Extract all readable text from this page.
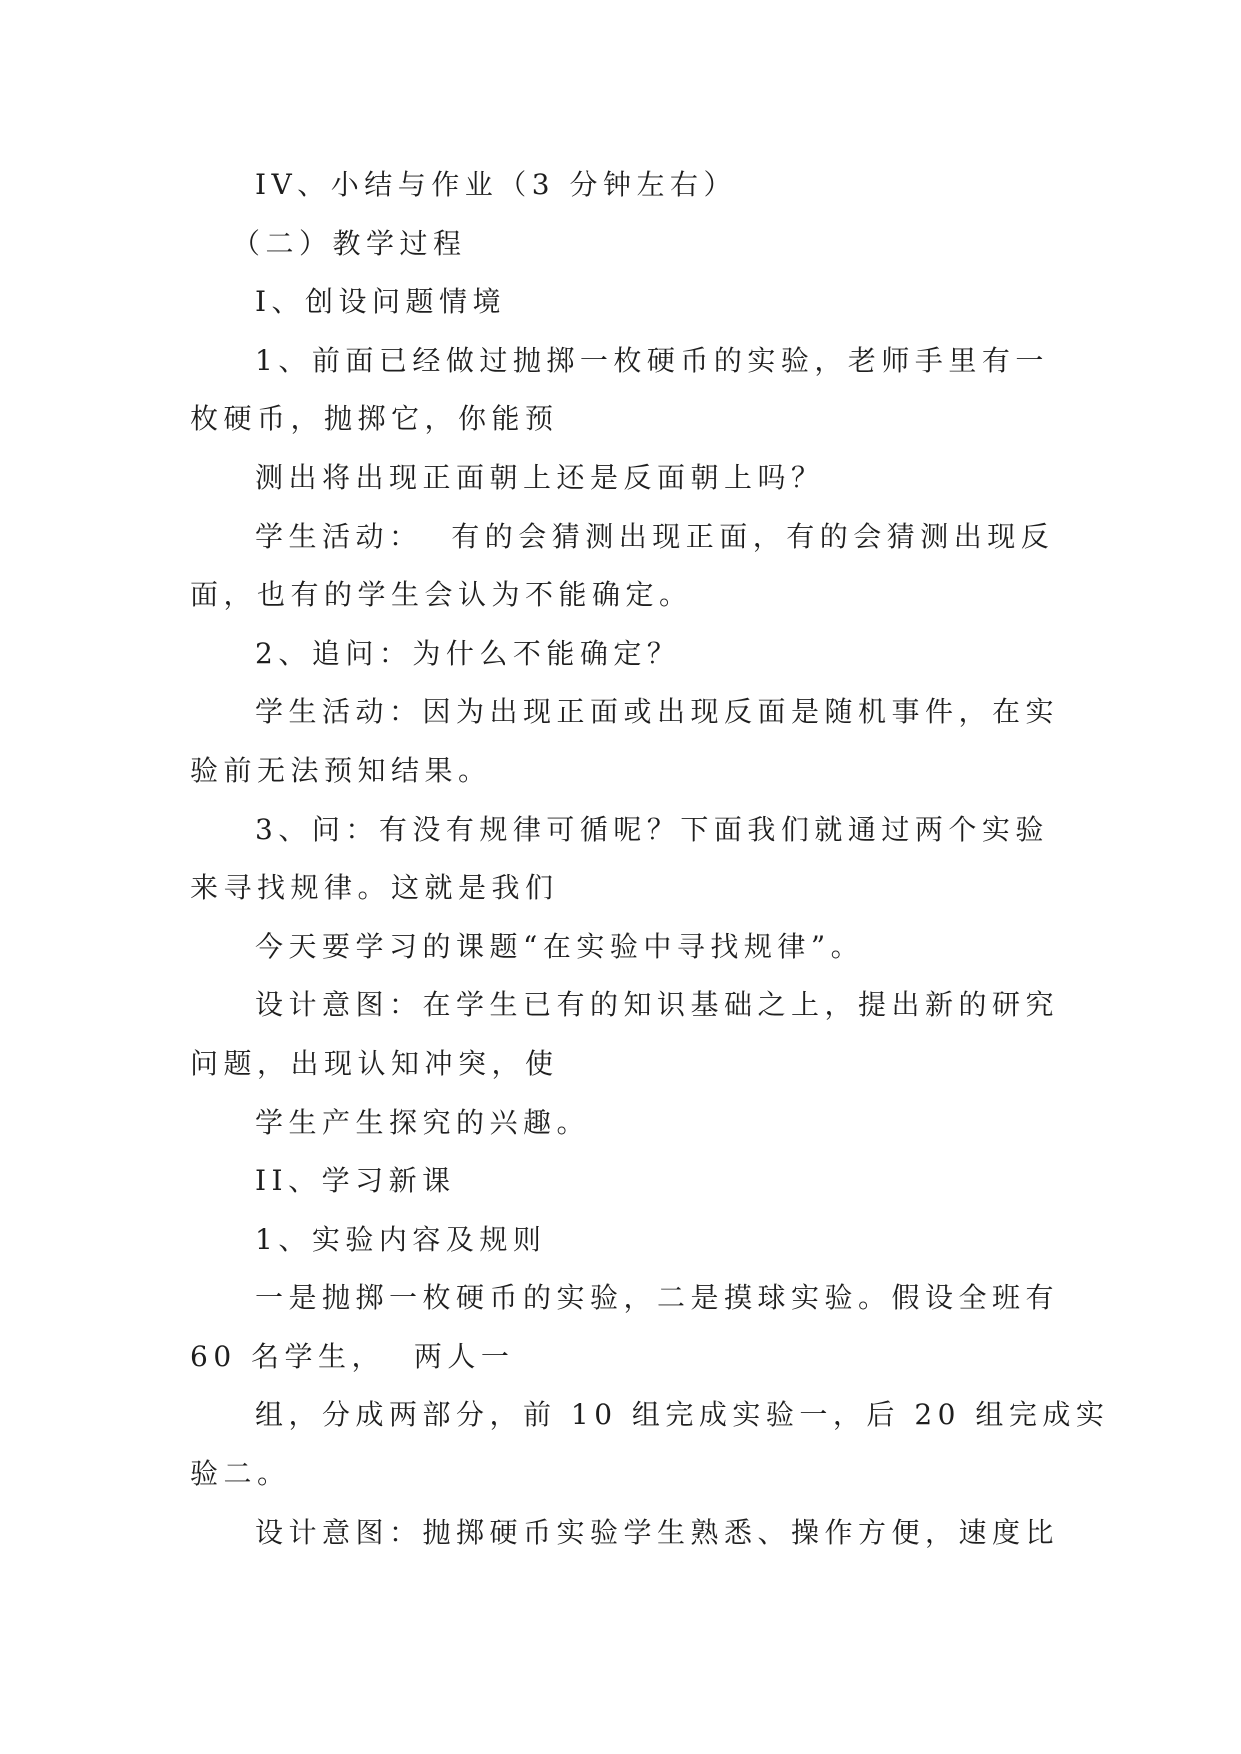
IV、小结与作业（3 分钟左右）
（二）教学过程
I、创设问题情境
1、前面已经做过抛掷一枚硬币的实验，老师手里有一
枚硬币，抛掷它，你能预
测出将出现正面朝上还是反面朝上吗？
学生活动：  有的会猜测出现正面，有的会猜测出现反
面，也有的学生会认为不能确定。
2、追问：为什么不能确定？
学生活动：因为出现正面或出现反面是随机事件，在实
验前无法预知结果。
3、问：有没有规律可循呢？下面我们就通过两个实验
来寻找规律。这就是我们
今天要学习的课题“在实验中寻找规律”。
设计意图：在学生已有的知识基础之上，提出新的研究
问题，出现认知冲突，使
学生产生探究的兴趣。
II、学习新课
1、实验内容及规则
一是抛掷一枚硬币的实验，二是摸球实验。假设全班有
60 名学生，  两人一
组，分成两部分，前 10 组完成实验一，后 20 组完成实
验二。
设计意图：抛掷硬币实验学生熟悉、操作方便，速度比
